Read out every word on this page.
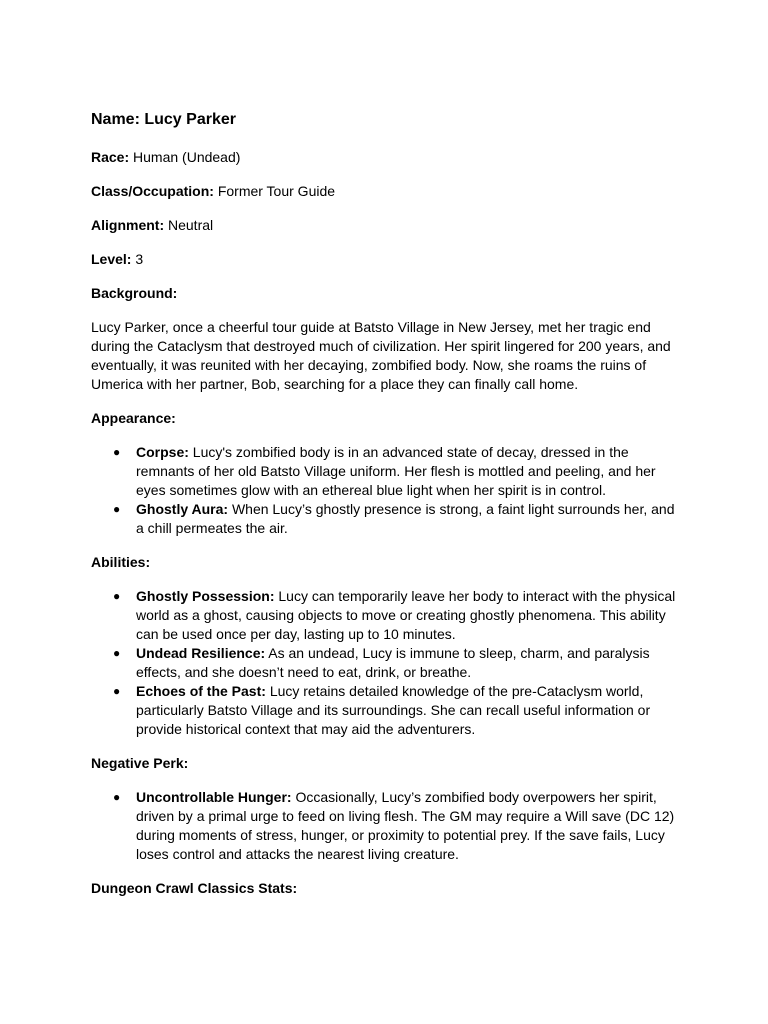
Name: Lucy Parker
Race: Human (Undead)
Class/Occupation: Former Tour Guide
Alignment: Neutral
Level: 3
Background:
Lucy Parker, once a cheerful tour guide at Batsto Village in New Jersey, met her tragic end during the Cataclysm that destroyed much of civilization. Her spirit lingered for 200 years, and eventually, it was reunited with her decaying, zombified body. Now, she roams the ruins of Umerica with her partner, Bob, searching for a place they can finally call home.
Appearance:
● Corpse: Lucy's zombified body is in an advanced state of decay, dressed in the remnants of her old Batsto Village uniform. Her flesh is mottled and peeling, and her eyes sometimes glow with an ethereal blue light when her spirit is in control.
● Ghostly Aura: When Lucy’s ghostly presence is strong, a faint light surrounds her, and a chill permeates the air.
Abilities:
● Ghostly Possession: Lucy can temporarily leave her body to interact with the physical world as a ghost, causing objects to move or creating ghostly phenomena. This ability can be used once per day, lasting up to 10 minutes.
● Undead Resilience: As an undead, Lucy is immune to sleep, charm, and paralysis effects, and she doesn’t need to eat, drink, or breathe.
● Echoes of the Past: Lucy retains detailed knowledge of the pre-Cataclysm world, particularly Batsto Village and its surroundings. She can recall useful information or provide historical context that may aid the adventurers.
Negative Perk:
● Uncontrollable Hunger: Occasionally, Lucy’s zombified body overpowers her spirit, driven by a primal urge to feed on living flesh. The GM may require a Will save (DC 12) during moments of stress, hunger, or proximity to potential prey. If the save fails, Lucy loses control and attacks the nearest living creature.
Dungeon Crawl Classics Stats:
